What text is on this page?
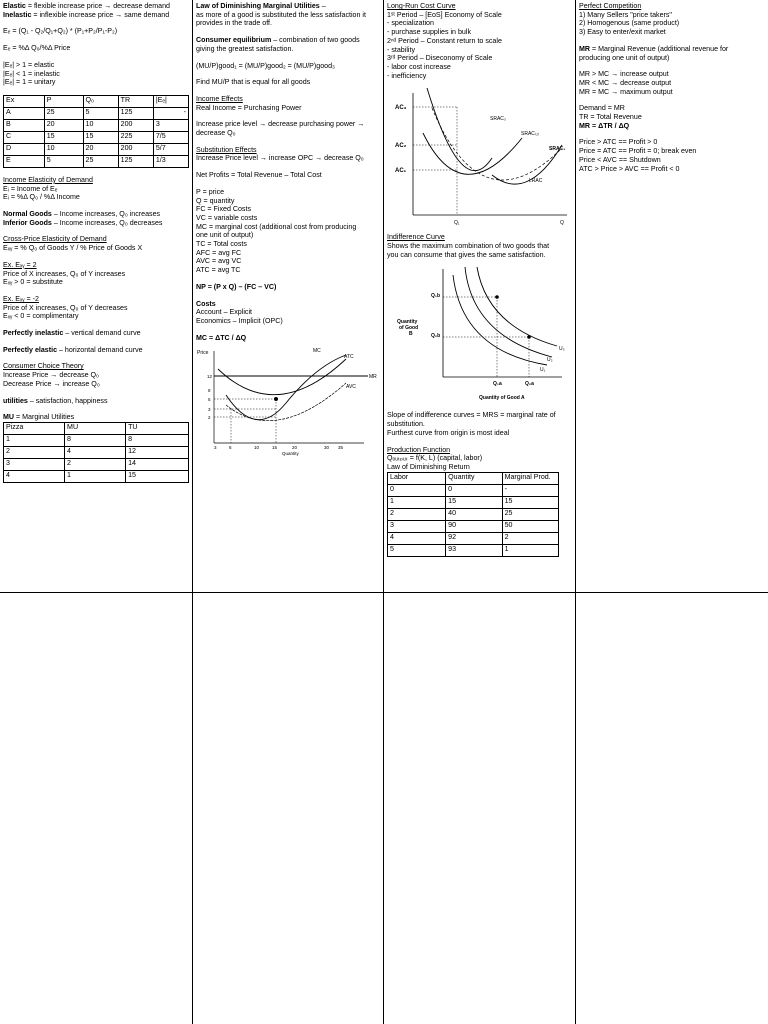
Elastic = flexible increase price → decrease demand

Inelastic = inflexible increase price → same demand

Eₑ = (Q₁ - Q₂/Q₁+Q₂) * (P₁+P₂/P₁-P₂)

Eₑ = %Δ Q₀/%Δ Price

|Eₑ| > 1 = elastic

|Eₑ| < 1 = inelastic

|Eₑ| = 1 = unitary

Ex	P	Q₀	TR	|Eₑ|
A	25	5	125	-
B	20	10	200	3
C	15	15	225	7/5
D	10	20	200	5/7
E	5	25	125	1/3

Income Elasticity of Demand

Eᵢ = Income of Eₑ

Eᵢ = %Δ Q₀ / %Δ Income

Normal Goods – Income increases, Q₀ increases

Inferior Goods – Income increases, Q₀ decreases

Cross-Price Elasticity of Demand

Eₓᵧ = % Q₀ of Goods Y / % Price of Goods X

Ex. Eₓᵧ = 2

Price of X increases, Q₀ of Y increases

Eₓᵧ > 0 = substitute

Ex. Eₓᵧ = -2

Price of X increases, Q₀ of Y decreases

Eₓᵧ < 0 = complimentary

Perfectly inelastic – vertical demand curve

Perfectly elastic – horizontal demand curve

Consumer Choice Theory

Increase Price → decrease Q₀

Decrease Price → increase Q₀

utilities – satisfaction, happiness

MU = Marginal Utilities

Pizza	MU	TU
1	8	8
2	4	12
3	2	14
4	1	15

Law of Diminishing Marginal Utilities –

as more of a good is substituted the less satisfaction it

provides in the trade off.

Consumer equilibrium – combination of two goods

giving the greatest satisfaction.

(MU/P)good₁ = (MU/P)good₂ = (MU/P)good₃

Find MU/P that is equal for all goods

Income Effects

Real Income = Purchasing Power

Increase price level → decrease purchasing power →

decrease Q₀

Substitution Effects

Increase Price level → increase OPC → decrease Q₀

Net Profits = Total Revenue – Total Cost

P = price

Q = quantity

FC = Fixed Costs

VC = variable costs

MC = marginal cost (additional cost from producing

one unit of output)

TC = Total costs

AFC = avg FC

AVC = avg VC

ATC = avg TC

NP = (P x Q) – (FC – VC)

Costs

Account – Explicit

Economics – Implicit (OPC)

MC = ΔTC / ΔQ

Price
MR
MC
ATC
AVC
12
8
5
3
2
3	6	10	15	20	30 35
Quantity

Long-Run Cost Curve

1ˢᵗ Period – [EoS] Economy of Scale

- specialization

- purchase supplies in bulk

2ⁿᵈ Period – Constant return to scale

- stability

3ʳᵈ Period – Diseconomy of Scale

- labor cost increase

- inefficiency

AC₃
AC₂
AC₁
SRAC₃
SRAC₍₂₎
SRAC₁
LRAC
Q₁	Q

Indifference Curve

Shows the maximum combination of two goods that

you can consume that gives the same satisfaction.

Quantity
of Good
B
Q₁b
Q₂b
Q₁a	Q₂a
U₃
U₂
U₁
Quantity of Good A

Slope of indifference curves = MRS = marginal rate of

substitution.

Furthest curve from origin is most ideal

Production Function

Qₒᵤₜₚᵤₜ = f(K, L) (capital, labor)

Law of Diminishing Return

Labor	Quantity	Marginal Prod.
0	0	-
1	15	15
2	40	25
3	90	50
4	92	2
5	93	1

Perfect Competition

1) Many Sellers "price takers"

2) Homogenous (same product)

3) Easy to enter/exit market

MR = Marginal Revenue (additional revenue for

producing one unit of output)

MR > MC → increase output

MR < MC → decrease output

MR = MC → maximum output

Demand = MR

TR = Total Revenue

MR = ΔTR / ΔQ

Price > ATC == Profit > 0

Price = ATC == Profit = 0; break even

Price < AVC == Shutdown

ATC > Price > AVC == Profit < 0
